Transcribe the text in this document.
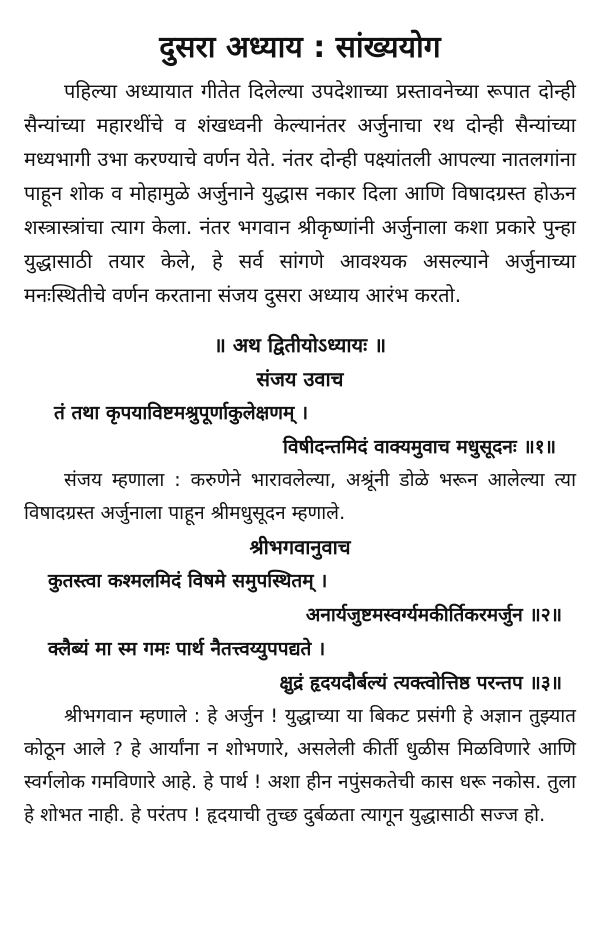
दुसरा अध्याय : सांख्ययोग

पहिल्या अध्यायात गीतेत दिलेल्या उपदेशाच्या प्रस्तावनेच्या रूपात दोन्ही सैन्यांच्या महारथींचे व शंखध्वनी केल्यानंतर अर्जुनाचा रथ दोन्ही सैन्यांच्या मध्यभागी उभा करण्याचे वर्णन येते. नंतर दोन्ही पक्ष्यांतली आपल्या नातलगांना पाहून शोक व मोहामुळे अर्जुनाने युद्धास नकार दिला आणि विषादग्रस्त होऊन शस्त्रास्त्रांचा त्याग केला. नंतर भगवान श्रीकृष्णांनी अर्जुनाला कशा प्रकारे पुन्हा युद्धासाठी तयार केले, हे सर्व सांगणे आवश्यक असल्याने अर्जुनाच्या मनःस्थितीचे वर्णन करताना संजय दुसरा अध्याय आरंभ करतो.

॥ अथ द्वितीयोऽध्यायः ॥
संजय उवाच
तं तथा कृपयाविष्टमश्रुपूर्णाकुलेक्षणम् ।
विषीदन्तमिदं वाक्यमुवाच मधुसूदनः ॥१॥

संजय म्हणाला : करुणेने भारावलेल्या, अश्रूंनी डोळे भरून आलेल्या त्या विषादग्रस्त अर्जुनाला पाहून श्रीमधुसूदन म्हणाले.

श्रीभगवानुवाच
कुतस्त्वा कश्मलमिदं विषमे समुपस्थितम् ।
अनार्यजुष्टमस्वर्ग्यमकीर्तिकरमर्जुन ॥२॥
क्लैब्यं मा स्म गमः पार्थ नैतत्त्वय्युपपद्यते ।
क्षुद्रं हृदयदौर्बल्यं त्यक्त्वोत्तिष्ठ परन्तप ॥३॥

श्रीभगवान म्हणाले : हे अर्जुन ! युद्धाच्या या बिकट प्रसंगी हे अज्ञान तुझ्यात कोठून आले ? हे आर्यांना न शोभणारे, असलेली कीर्ती धुळीस मिळविणारे आणि स्वर्गलोक गमविणारे आहे. हे पार्थ ! अशा हीन नपुंसकतेची कास धरू नकोस. तुला हे शोभत नाही. हे परंतप ! हृदयाची तुच्छ दुर्बळता त्यागून युद्धासाठी सज्ज हो.
